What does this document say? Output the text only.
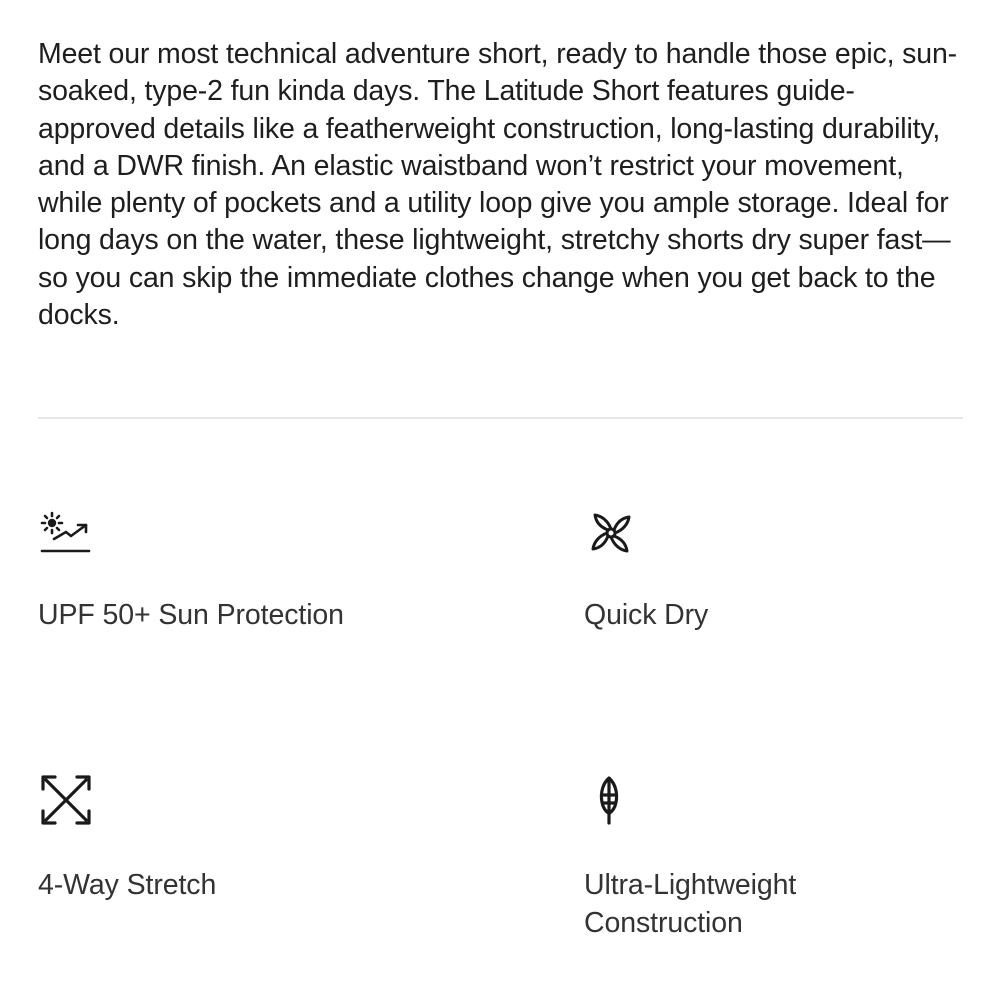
Meet our most technical adventure short, ready to handle those epic, sun-soaked, type-2 fun kinda days. The Latitude Short features guide-approved details like a featherweight construction, long-lasting durability, and a DWR finish. An elastic waistband won’t restrict your movement, while plenty of pockets and a utility loop give you ample storage. Ideal for long days on the water, these lightweight, stretchy shorts dry super fast—so you can skip the immediate clothes change when you get back to the docks.

UPF 50+ Sun Protection	Quick Dry
4-Way Stretch	Ultra-Lightweight Construction
